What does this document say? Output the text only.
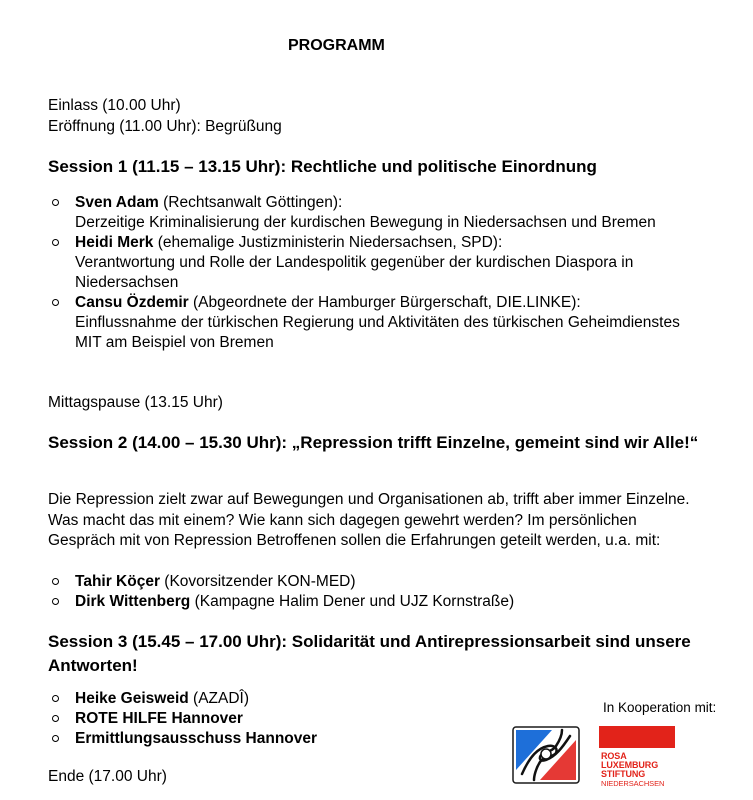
PROGRAMM
Einlass (10.00 Uhr)
Eröffnung (11.00 Uhr): Begrüßung
Session 1 (11.15 – 13.15 Uhr): Rechtliche und politische Einordnung
Sven Adam (Rechtsanwalt Göttingen):
Derzeitige Kriminalisierung der kurdischen Bewegung in Niedersachsen und Bremen
Heidi Merk (ehemalige Justizministerin Niedersachsen, SPD):
Verantwortung und Rolle der Landespolitik gegenüber der kurdischen Diaspora in Niedersachsen
Cansu Özdemir (Abgeordnete der Hamburger Bürgerschaft, DIE.LINKE):
Einflussnahme der türkischen Regierung und Aktivitäten des türkischen Geheimdienstes MIT am Beispiel von Bremen
Mittagspause (13.15 Uhr)
Session 2 (14.00 – 15.30 Uhr): „Repression trifft Einzelne, gemeint sind wir Alle!“
Die Repression zielt zwar auf Bewegungen und Organisationen ab, trifft aber immer Einzelne. Was macht das mit einem? Wie kann sich dagegen gewehrt werden? Im persönlichen Gespräch mit von Repression Betroffenen sollen die Erfahrungen geteilt werden, u.a. mit:
Tahir Köçer (Kovorsitzender KON-MED)
Dirk Wittenberg (Kampagne Halim Dener und UJZ Kornstraße)
Session 3 (15.45 – 17.00 Uhr): Solidarität und Antirepressionsarbeit sind unsere Antworten!
Heike Geisweid (AZADÎ)
ROTE HILFE Hannover
Ermittlungsausschuss Hannover
Ende (17.00 Uhr)
In Kooperation mit:
ROSA
LUXEMBURG
STIFTUNG
NIEDERSACHSEN
